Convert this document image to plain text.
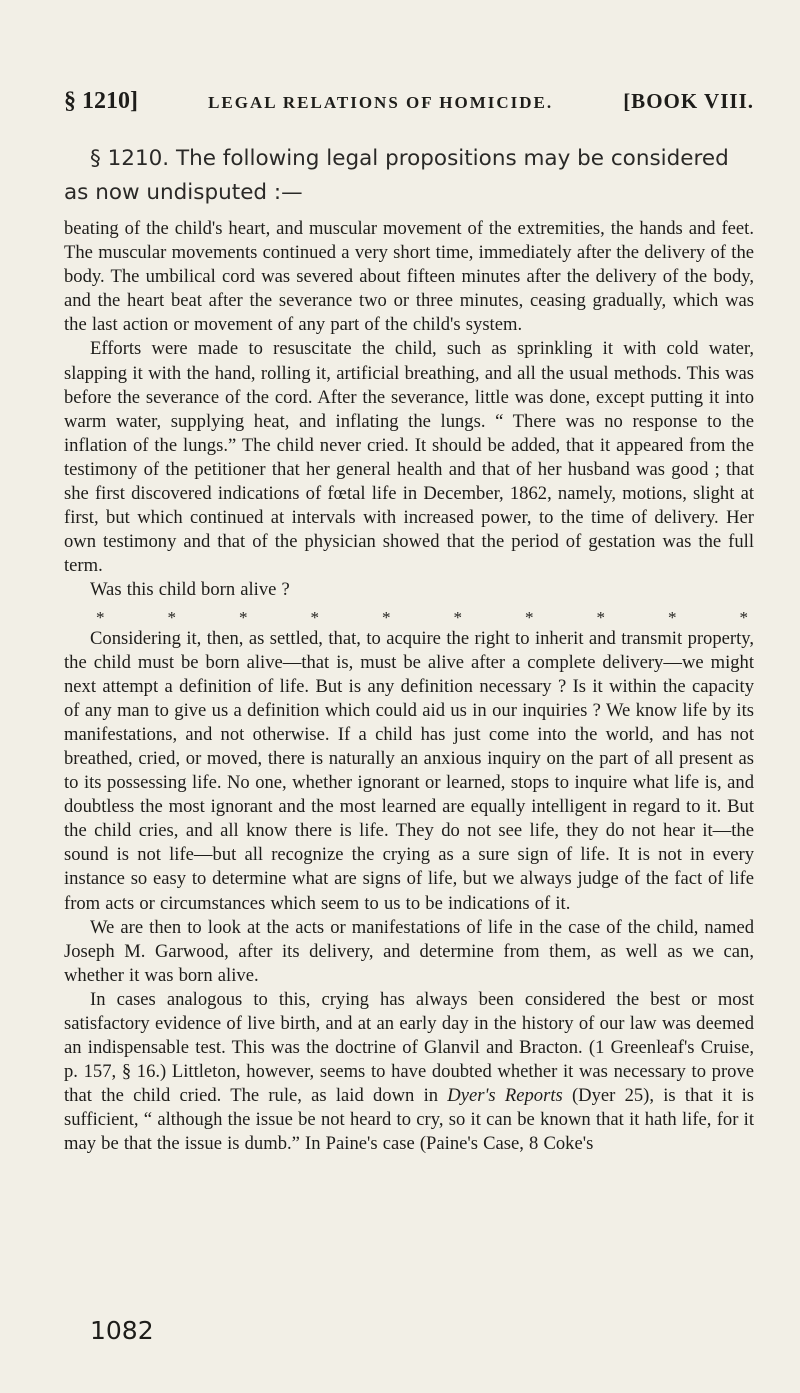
§ 1210]	LEGAL RELATIONS OF HOMICIDE.	[BOOK VIII.

§ 1210. The following legal propositions may be considered

as now undisputed :—

beating of the child's heart, and muscular movement of the extremities, the hands and feet. The muscular movements continued a very short time, immediately after the delivery of the body. The umbilical cord was severed about fifteen minutes after the delivery of the body, and the heart beat after the severance two or three minutes, ceasing gradually, which was the last action or movement of any part of the child's system.

Efforts were made to resuscitate the child, such as sprinkling it with cold water, slapping it with the hand, rolling it, artificial breathing, and all the usual methods. This was before the severance of the cord. After the severance, little was done, except putting it into warm water, supplying heat, and inflating the lungs. “ There was no response to the inflation of the lungs.” The child never cried. It should be added, that it appeared from the testimony of the petitioner that her general health and that of her husband was good ; that she first discovered indications of fœtal life in December, 1862, namely, motions, slight at first, but which continued at intervals with increased power, to the time of delivery. Her own testimony and that of the physician showed that the period of gestation was the full term.

Was this child born alive ?

*	*	*	*	*	*	*	*	*	*

Considering it, then, as settled, that, to acquire the right to inherit and transmit property, the child must be born alive—that is, must be alive after a complete delivery—we might next attempt a definition of life. But is any definition necessary ? Is it within the capacity of any man to give us a definition which could aid us in our inquiries ? We know life by its manifestations, and not otherwise. If a child has just come into the world, and has not breathed, cried, or moved, there is naturally an anxious inquiry on the part of all present as to its possessing life. No one, whether ignorant or learned, stops to inquire what life is, and doubtless the most ignorant and the most learned are equally intelligent in regard to it. But the child cries, and all know there is life. They do not see life, they do not hear it—the sound is not life—but all recognize the crying as a sure sign of life. It is not in every instance so easy to determine what are signs of life, but we always judge of the fact of life from acts or circumstances which seem to us to be indications of it.

We are then to look at the acts or manifestations of life in the case of the child, named Joseph M. Garwood, after its delivery, and determine from them, as well as we can, whether it was born alive.

In cases analogous to this, crying has always been considered the best or most satisfactory evidence of live birth, and at an early day in the history of our law was deemed an indispensable test. This was the doctrine of Glanvil and Bracton. (1 Greenleaf's Cruise, p. 157, § 16.) Littleton, however, seems to have doubted whether it was necessary to prove that the child cried. The rule, as laid down in Dyer's Reports (Dyer 25), is that it is sufficient, “ although the issue be not heard to cry, so it can be known that it hath life, for it may be that the issue is dumb.” In Paine's case (Paine's Case, 8 Coke's

1082
